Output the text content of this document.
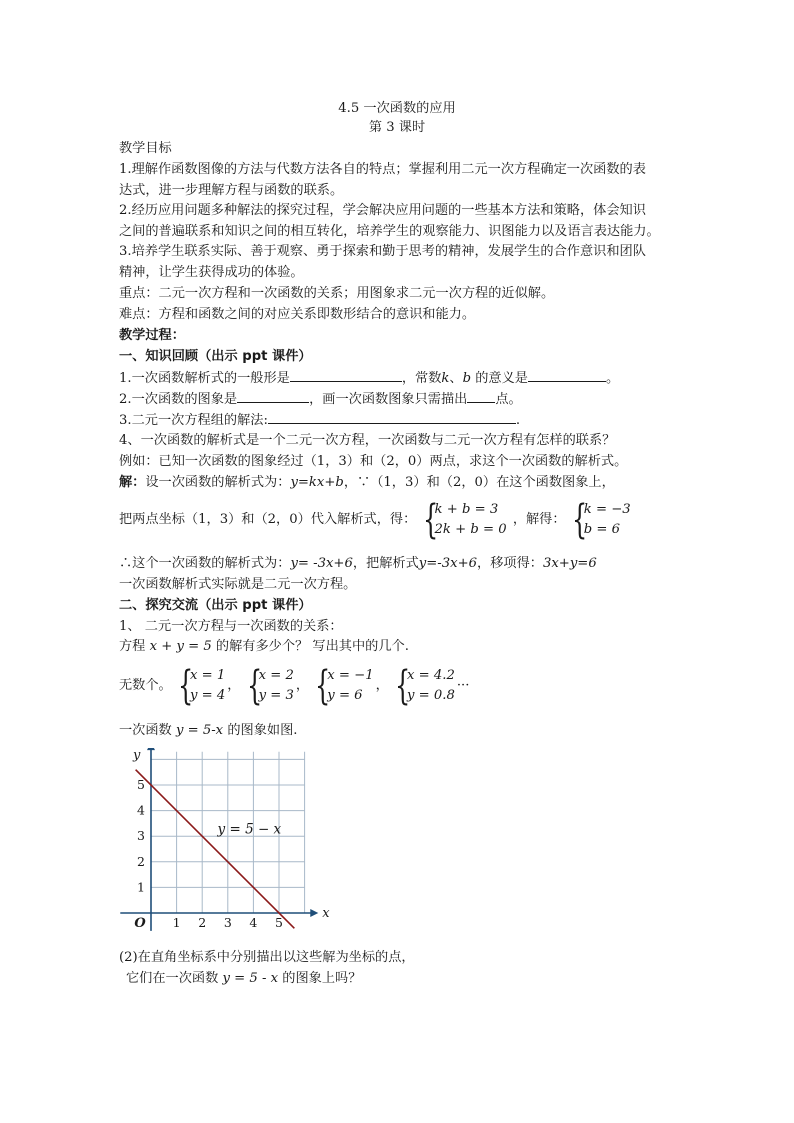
4.5 一次函数的应用
第 3 课时
教学目标
1.理解作函数图像的方法与代数方法各自的特点；掌握利用二元一次方程确定一次函数的表
达式，进一步理解方程与函数的联系。
2.经历应用问题多种解法的探究过程，学会解决应用问题的一些基本方法和策略，体会知识
之间的普遍联系和知识之间的相互转化，培养学生的观察能力、识图能力以及语言表达能力。
3.培养学生联系实际、善于观察、勇于探索和勤于思考的精神，发展学生的合作意识和团队
精神，让学生获得成功的体验。
重点：二元一次方程和一次函数的关系；用图象求二元一次方程的近似解。
难点：方程和函数之间的对应关系即数形结合的意识和能力。
教学过程：
一、知识回顾（出示 ppt 课件）
1.一次函数解析式的一般形是	，常数k、b 的意义是	。
2.一次函数的图象是	，画一次函数图象只需描出 点。
3.二元一次方程组的解法:	.
4、一次函数的解析式是一个二元一次方程，一次函数与二元一次方程有怎样的联系？
例如：已知一次函数的图象经过（1，3）和（2，0）两点，求这个一次函数的解析式。
解：设一次函数的解析式为：y=kx+b，∵（1，3）和（2，0）在这个函数图象上，
把两点坐标（1，3）和（2，0）代入解析式，得： {
k + b = 3
2k + b = 0
，解得： {
k = −3
b = 6
∴这个一次函数的解析式为：y= -3x+6，把解析式y=-3x+6，移项得：3x+y=6
一次函数解析式实际就是二元一次方程。
二、探究交流（出示 ppt 课件）
1、 二元一次方程与一次函数的关系：
方程 x + y = 5 的解有多少个？ 写出其中的几个.
无数个。 {
x = 1
y = 4
， {
x = 2
y = 3
， {
x = −1
y = 6
， {
x = 4.2
y = 0.8
···
一次函数 y = 5-x 的图象如图.
1 2 3 4 5
1
2
3
4
5
O
x
y
y = 5 − x
(2)在直角坐标系中分别描出以这些解为坐标的点，
它们在一次函数 y = 5 - x 的图象上吗？
